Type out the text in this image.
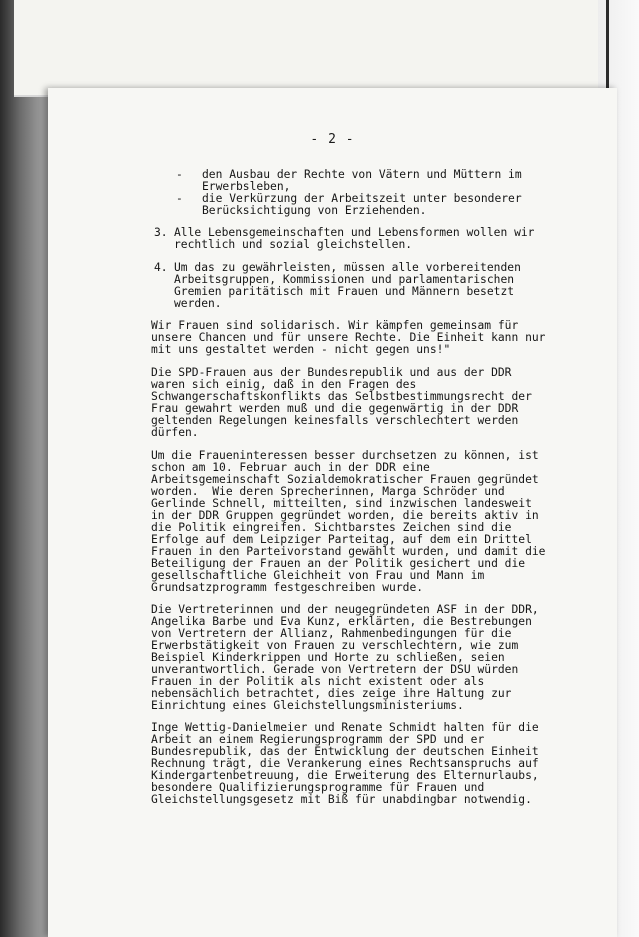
- 2 -
- den Ausbau der Rechte von Vätern und Müttern im

Erwerbsleben,

- die Verkürzung der Arbeitszeit unter besonderer

Berücksichtigung von Erziehenden.

3. Alle Lebensgemeinschaften und Lebensformen wollen wir

rechtlich und sozial gleichstellen.

4. Um das zu gewährleisten, müssen alle vorbereitenden

Arbeitsgruppen, Kommissionen und parlamentarischen

Gremien paritätisch mit Frauen und Männern besetzt

werden.

Wir Frauen sind solidarisch. Wir kämpfen gemeinsam für

unsere Chancen und für unsere Rechte. Die Einheit kann nur

mit uns gestaltet werden - nicht gegen uns!"

Die SPD-Frauen aus der Bundesrepublik und aus der DDR

waren sich einig, daß in den Fragen des

Schwangerschaftskonflikts das Selbstbestimmungsrecht der

Frau gewahrt werden muß und die gegenwärtig in der DDR

geltenden Regelungen keinesfalls verschlechtert werden

dürfen.

Um die Fraueninteressen besser durchsetzen zu können, ist

schon am 10. Februar auch in der DDR eine

Arbeitsgemeinschaft Sozialdemokratischer Frauen gegründet

worden.  Wie deren Sprecherinnen, Marga Schröder und

Gerlinde Schnell, mitteilten, sind inzwischen landesweit

in der DDR Gruppen gegründet worden, die bereits aktiv in

die Politik eingreifen. Sichtbarstes Zeichen sind die

Erfolge auf dem Leipziger Parteitag, auf dem ein Drittel

Frauen in den Parteivorstand gewählt wurden, und damit die

Beteiligung der Frauen an der Politik gesichert und die

gesellschaftliche Gleichheit von Frau und Mann im

Grundsatzprogramm festgeschreiben wurde.

Die Vertreterinnen und der neugegründeten ASF in der DDR,

Angelika Barbe und Eva Kunz, erklärten, die Bestrebungen

von Vertretern der Allianz, Rahmenbedingungen für die

Erwerbstätigkeit von Frauen zu verschlechtern, wie zum

Beispiel Kinderkrippen und Horte zu schließen, seien

unverantwortlich. Gerade von Vertretern der DSU würden

Frauen in der Politik als nicht existent oder als

nebensächlich betrachtet, dies zeige ihre Haltung zur

Einrichtung eines Gleichstellungsministeriums.

Inge Wettig-Danielmeier und Renate Schmidt halten für die

Arbeit an einem Regierungsprogramm der SPD und er

Bundesrepublik, das der Entwicklung der deutschen Einheit

Rechnung trägt, die Verankerung eines Rechtsanspruchs auf

Kindergartenbetreuung, die Erweiterung des Elternurlaubs,

besondere Qualifizierungsprogramme für Frauen und

Gleichstellungsgesetz mit Biß für unabdingbar notwendig.
